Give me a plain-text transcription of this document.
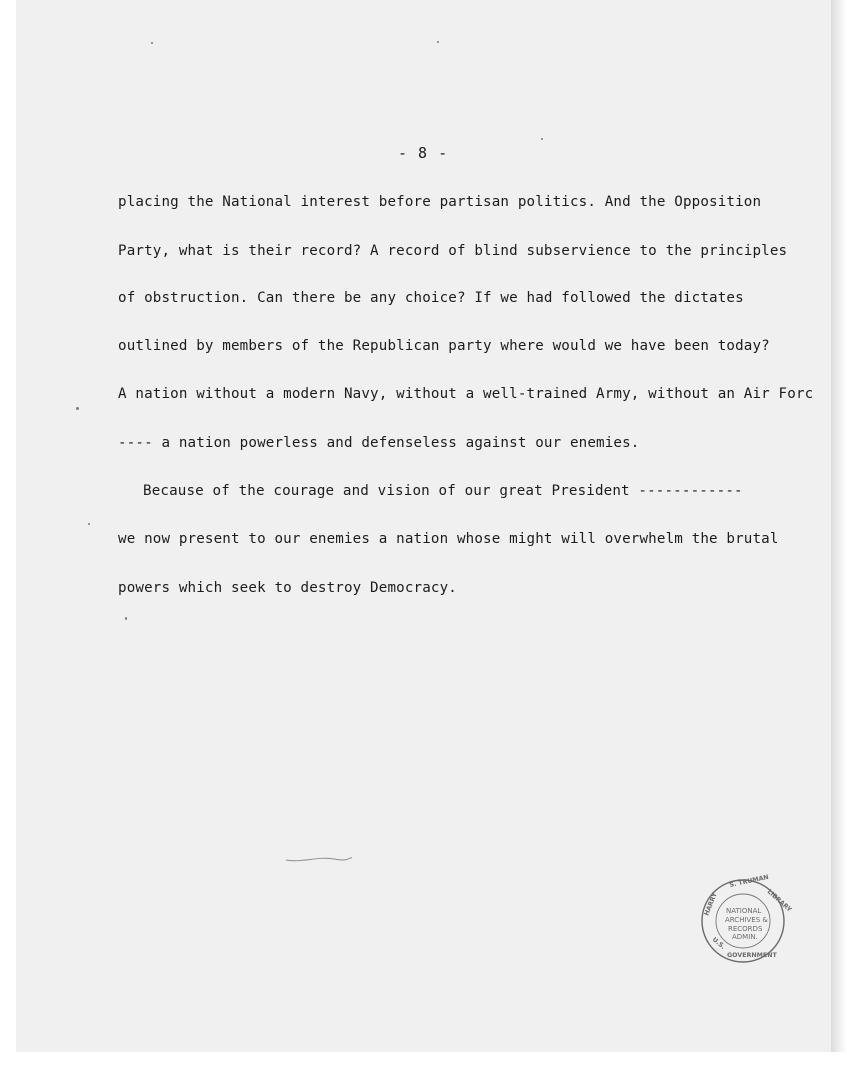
- 8 -
placing the National interest before partisan politics. And the Opposition
Party, what is their record? A record of blind subservience to the principles
of obstruction. Can there be any choice? If we had followed the dictates
outlined by members of the Republican party where would we have been today?
A nation without a modern Navy, without a well-trained Army, without an Air Forc
---- a nation powerless and defenseless against our enemies.
Because of the courage and vision of our great President ------------
we now present to our enemies a nation whose might will overwhelm the brutal
powers which seek to destroy Democracy.
NATIONAL
ARCHIVES &
RECORDS
ADMIN.
HARRY
S. TRUMAN
LIBRARY
U.S.
GOVERNMENT
